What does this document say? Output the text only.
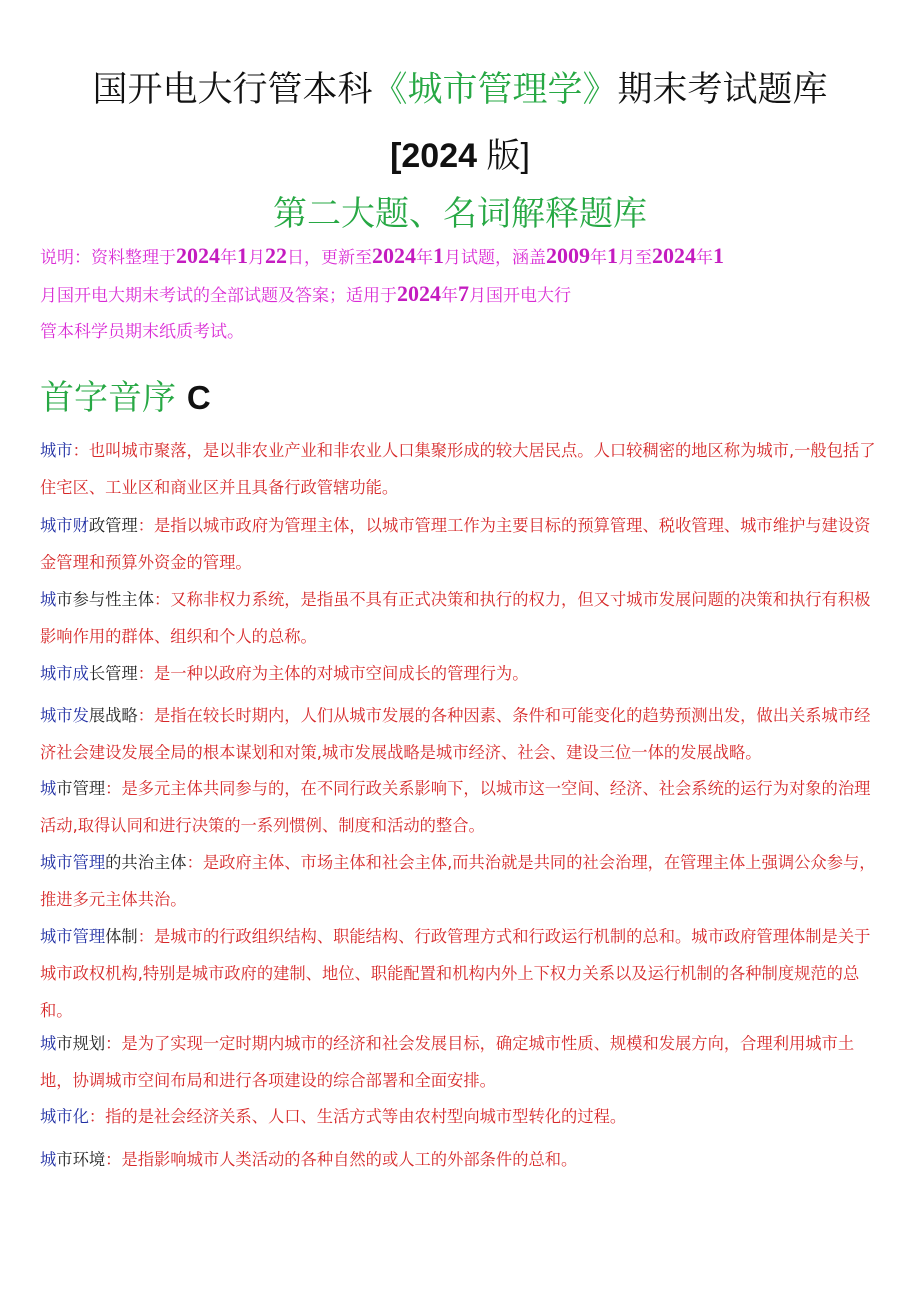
国开电大行管本科《城市管理学》期末考试题库
[2024 版]
第二大题、名词解释题库
说明：资料整理于2024年1月22日，更新至2024年1月试题，涵盖2009年1月至2024年1
月国开电大期末考试的全部试题及答案；适用于2024年7月国开电大行
管本科学员期末纸质考试。
首字音序 C
城市：也叫城市聚落，是以非农业产业和非农业人口集聚形成的较大居民点。人口较稠密的地区称为城市,一般包括了住宅区、工业区和商业区并且具备行政管辖功能。
城市财政管理：是指以城市政府为管理主体，以城市管理工作为主要目标的预算管理、税收管理、城市维护与建设资金管理和预算外资金的管理。
城市参与性主体：又称非权力系统，是指虽不具有正式决策和执行的权力，但又寸城市发展问题的决策和执行有积极影响作用的群体、组织和个人的总称。
城市成长管理：是一种以政府为主体的对城市空间成长的管理行为。
城市发展战略：是指在较长时期内，人们从城市发展的各种因素、条件和可能变化的趋势预测出发，做出关系城市经济社会建设发展全局的根本谋划和对策,城市发展战略是城市经济、社会、建设三位一体的发展战略。
城市管理：是多元主体共同参与的，在不同行政关系影响下，以城市这一空间、经济、社会系统的运行为对象的治理活动,取得认同和进行决策的一系列惯例、制度和活动的整合。
城市管理的共治主体：是政府主体、市场主体和社会主体,而共治就是共同的社会治理，在管理主体上强调公众参与，推进多元主体共治。
城市管理体制：是城市的行政组织结构、职能结构、行政管理方式和行政运行机制的总和。城市政府管理体制是关于城市政权机构,特别是城市政府的建制、地位、职能配置和机构内外上下权力关系以及运行机制的各种制度规范的总和。
城市规划：是为了实现一定时期内城市的经济和社会发展目标，确定城市性质、规模和发展方向，合理利用城市土地，协调城市空间布局和进行各项建设的综合部署和全面安排。
城市化：指的是社会经济关系、人口、生活方式等由农村型向城市型转化的过程。
城市环境：是指影响城市人类活动的各种自然的或人工的外部条件的总和。
